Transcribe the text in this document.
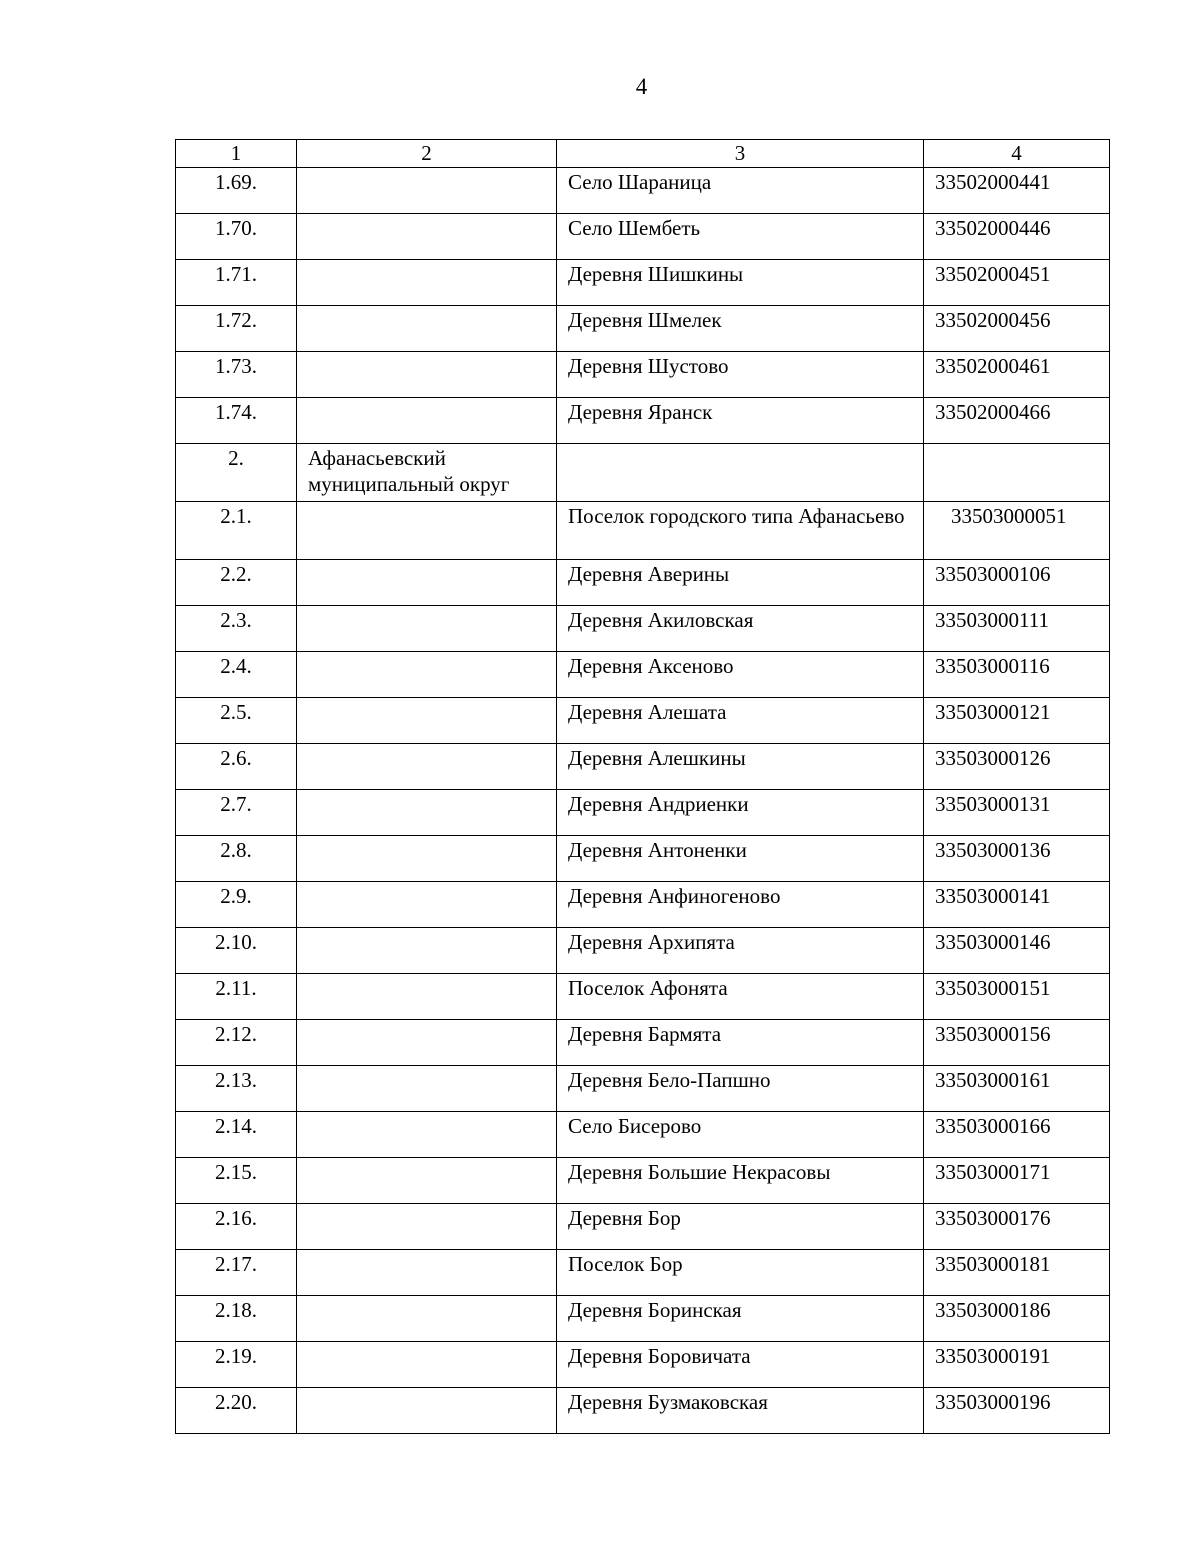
4
1	2	3	4
1.69.		Село Шараница	33502000441
1.70.		Село Шембеть	33502000446
1.71.		Деревня Шишкины	33502000451
1.72.		Деревня Шмелек	33502000456
1.73.		Деревня Шустово	33502000461
1.74.		Деревня Яранск	33502000466
2.	Афанасьевский муниципальный округ		
2.1.		Поселок городского типа Афанасьево	33503000051
2.2.		Деревня Аверины	33503000106
2.3.		Деревня Акиловская	33503000111
2.4.		Деревня Аксеново	33503000116
2.5.		Деревня Алешата	33503000121
2.6.		Деревня Алешкины	33503000126
2.7.		Деревня Андриенки	33503000131
2.8.		Деревня Антоненки	33503000136
2.9.		Деревня Анфиногеново	33503000141
2.10.		Деревня Архипята	33503000146
2.11.		Поселок Афонята	33503000151
2.12.		Деревня Бармята	33503000156
2.13.		Деревня Бело-Папшно	33503000161
2.14.		Село Бисерово	33503000166
2.15.		Деревня Большие Некрасовы	33503000171
2.16.		Деревня Бор	33503000176
2.17.		Поселок Бор	33503000181
2.18.		Деревня Боринская	33503000186
2.19.		Деревня Боровичата	33503000191
2.20.		Деревня Бузмаковская	33503000196
